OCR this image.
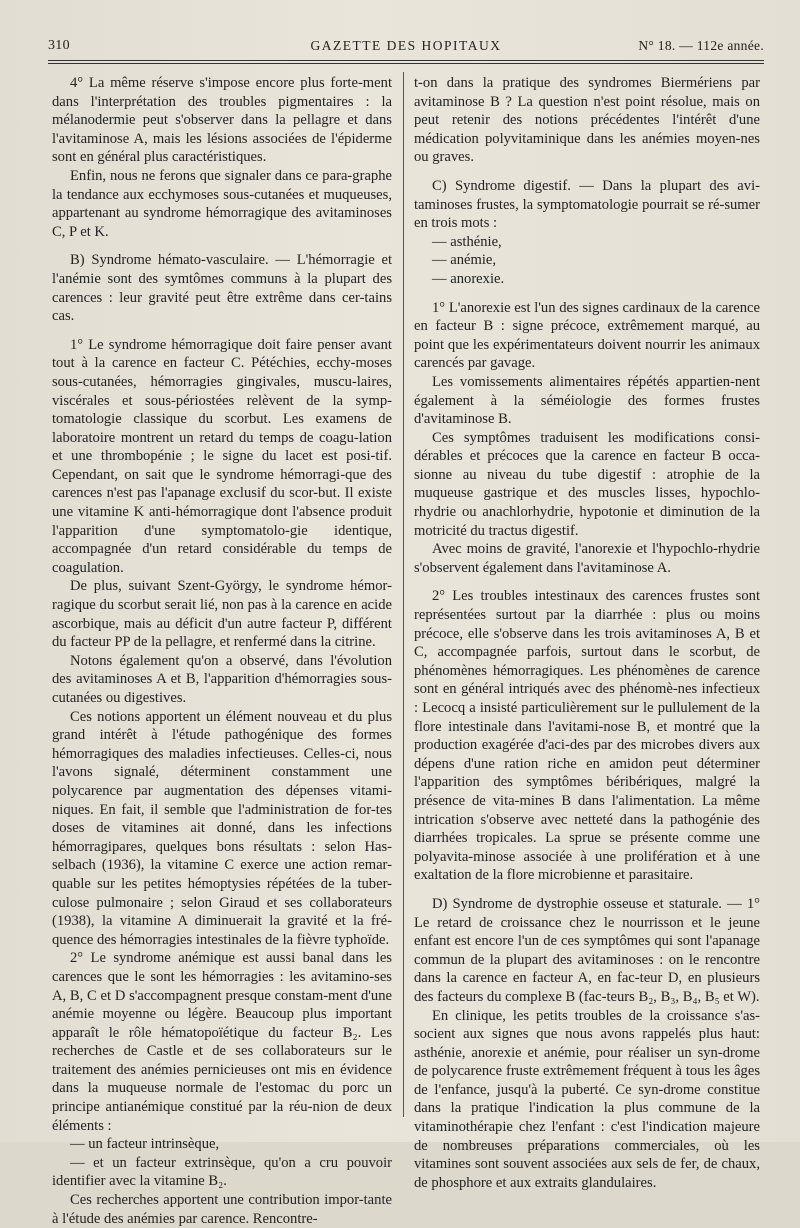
310	GAZETTE DES HOPITAUX	N° 18. — 112e année.

4° La même réserve s'impose encore plus forte-ment dans l'interprétation des troubles pigmentaires : la mélanodermie peut s'observer dans la pellagre et dans l'avitaminose A, mais les lésions associées de l'épiderme sont en général plus caractéristiques.

Enfin, nous ne ferons que signaler dans ce para-graphe la tendance aux ecchymoses sous-cutanées et muqueuses, appartenant au syndrome hémorragique des avitaminoses C, P et K.

B) Syndrome hémato-vasculaire. — L'hémorragie et l'anémie sont des symtômes communs à la plupart des carences : leur gravité peut être extrême dans cer-tains cas.

1° Le syndrome hémorragique doit faire penser avant tout à la carence en facteur C. Pétéchies, ecchy-moses sous-cutanées, hémorragies gingivales, muscu-laires, viscérales et sous-périostées relèvent de la symp-tomatologie classique du scorbut. Les examens de laboratoire montrent un retard du temps de coagu-lation et une thrombopénie ; le signe du lacet est posi-tif. Cependant, on sait que le syndrome hémorragi-que des carences n'est pas l'apanage exclusif du scor-but. Il existe une vitamine K anti-hémorragique dont l'absence produit l'apparition d'une symptomatolo-gie identique, accompagnée d'un retard considérable du temps de coagulation.

De plus, suivant Szent-György, le syndrome hémor-ragique du scorbut serait lié, non pas à la carence en acide ascorbique, mais au déficit d'un autre facteur P, différent du facteur PP de la pellagre, et renfermé dans la citrine.

Notons également qu'on a observé, dans l'évolution des avitaminoses A et B, l'apparition d'hémorragies sous-cutanées ou digestives.

Ces notions apportent un élément nouveau et du plus grand intérêt à l'étude pathogénique des formes hémorragiques des maladies infectieuses. Celles-ci, nous l'avons signalé, déterminent constamment une polycarence par augmentation des dépenses vitami-niques. En fait, il semble que l'administration de for-tes doses de vitamines ait donné, dans les infections hémorragipares, quelques bons résultats : selon Has-selbach (1936), la vitamine C exerce une action remar-quable sur les petites hémoptysies répétées de la tuber-culose pulmonaire ; selon Giraud et ses collaborateurs (1938), la vitamine A diminuerait la gravité et la fré-quence des hémorragies intestinales de la fièvre typhoïde.

2° Le syndrome anémique est aussi banal dans les carences que le sont les hémorragies : les avitamino-ses A, B, C et D s'accompagnent presque constam-ment d'une anémie moyenne ou légère. Beaucoup plus important apparaît le rôle hématopoïétique du facteur B₂. Les recherches de Castle et de ses collaborateurs sur le traitement des anémies pernicieuses ont mis en évidence dans la muqueuse normale de l'estomac du porc un principe antianémique constitué par la réu-nion de deux éléments :

— un facteur intrinsèque,

— et un facteur extrinsèque, qu'on a cru pouvoir identifier avec la vitamine B₂.

Ces recherches apportent une contribution impor-tante à l'étude des anémies par carence. Rencontre-

t-on dans la pratique des syndromes Biermériens par avitaminose B ? La question n'est point résolue, mais on peut retenir des notions précédentes l'intérêt d'une médication polyvitaminique dans les anémies moyen-nes ou graves.

C) Syndrome digestif. — Dans la plupart des avi-taminoses frustes, la symptomatologie pourrait se ré-sumer en trois mots :

— asthénie,

— anémie,

— anorexie.

1° L'anorexie est l'un des signes cardinaux de la carence en facteur B : signe précoce, extrêmement marqué, au point que les expérimentateurs doivent nourrir les animaux carencés par gavage.

Les vomissements alimentaires répétés appartien-nent également à la séméiologie des formes frustes d'avitaminose B.

Ces symptômes traduisent les modifications consi-dérables et précoces que la carence en facteur B occa-sionne au niveau du tube digestif : atrophie de la muqueuse gastrique et des muscles lisses, hypochlo-rhydrie ou anachlorhydrie, hypotonie et diminution de la motricité du tractus digestif.

Avec moins de gravité, l'anorexie et l'hypochlo-rhydrie s'observent également dans l'avitaminose A.

2° Les troubles intestinaux des carences frustes sont représentées surtout par la diarrhée : plus ou moins précoce, elle s'observe dans les trois avitaminoses A, B et C, accompagnée parfois, surtout dans le scorbut, de phénomènes hémorragiques. Les phénomènes de carence sont en général intriqués avec des phénomè-nes infectieux : Lecocq a insisté particulièrement sur le pullulement de la flore intestinale dans l'avitami-nose B, et montré que la production exagérée d'aci-des par des microbes divers aux dépens d'une ration riche en amidon peut déterminer l'apparition des symptômes béribériques, malgré la présence de vita-mines B dans l'alimentation. La même intrication s'observe avec netteté dans la pathogénie des diarrhées tropicales. La sprue se présente comme une polyavita-minose associée à une prolifération et à une exaltation de la flore microbienne et parasitaire.

D) Syndrome de dystrophie osseuse et staturale. — 1° Le retard de croissance chez le nourrisson et le jeune enfant est encore l'un de ces symptômes qui sont l'apanage commun de la plupart des avitaminoses : on le rencontre dans la carence en facteur A, en fac-teur D, en plusieurs des facteurs du complexe B (fac-teurs B₂, B₃, B₄, B₅ et W).

En clinique, les petits troubles de la croissance s'as-socient aux signes que nous avons rappelés plus haut: asthénie, anorexie et anémie, pour réaliser un syn-drome de polycarence fruste extrêmement fréquent à tous les âges de l'enfance, jusqu'à la puberté. Ce syn-drome constitue dans la pratique l'indication la plus commune de la vitaminothérapie chez l'enfant : c'est l'indication majeure de nombreuses préparations commerciales, où les vitamines sont souvent associées aux sels de fer, de chaux, de phosphore et aux extraits glandulaires.
